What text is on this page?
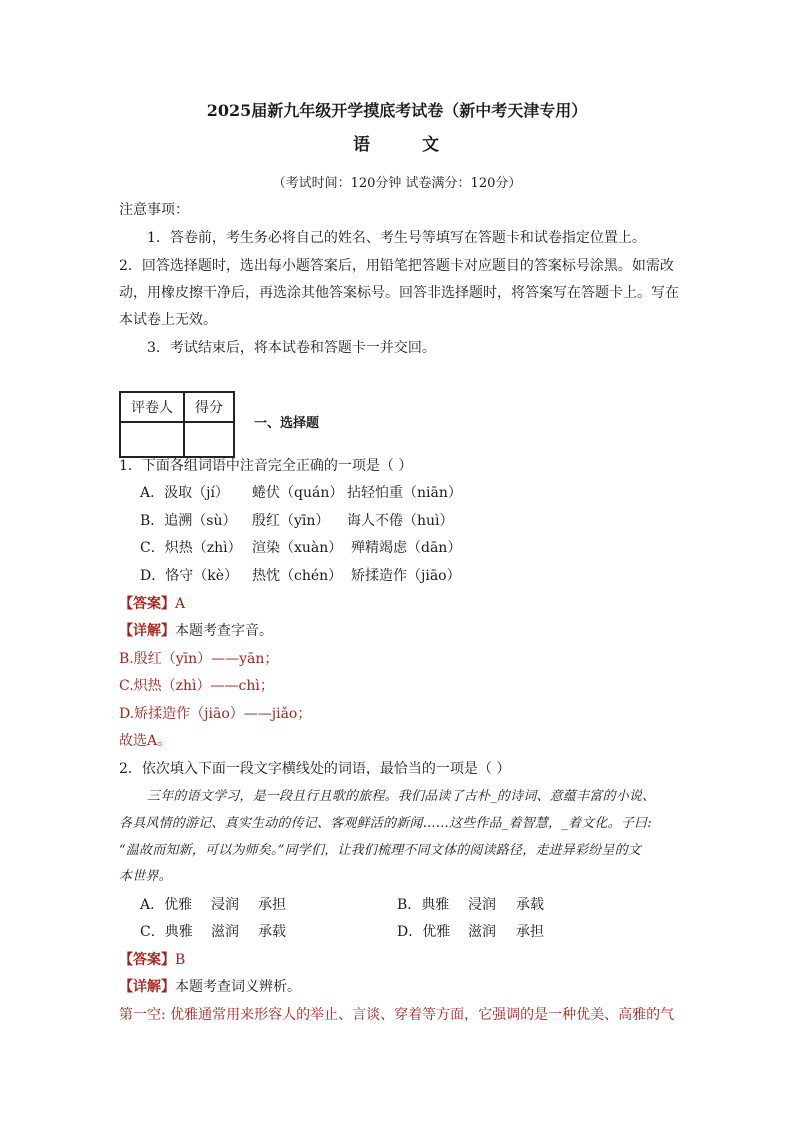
2025届新九年级开学摸底考试卷（新中考天津专用）
语	文
（考试时间：120分钟 试卷满分：120分）
注意事项：
1．答卷前，考生务必将自己的姓名、考生号等填写在答题卡和试卷指定位置上。
2．回答选择题时，选出每小题答案后，用铅笔把答题卡对应题目的答案标号涂黑。如需改
动，用橡皮擦干净后，再选涂其他答案标号。回答非选择题时，将答案写在答题卡上。写在
本试卷上无效。
3．考试结束后，将本试卷和答题卡一并交回。
评卷人	得分

一、选择题
1．下面各组词语中注音完全正确的一项是（ ）
A．汲取（jí） 蜷伏（quán） 拈轻怕重（niān）
B．追溯（sù） 殷红（yīn） 诲人不倦（huì）
C．炽热（zhì） 渲染（xuàn） 殚精竭虑（dān）
D．恪守（kè） 热忱（chén） 矫揉造作（jiāo）
【答案】A
【详解】本题考查字音。
B.殷红（yīn）——yān；
C.炽热（zhì）——chì；
D.矫揉造作（jiāo）——jiǎo；
故选A。
2．依次填入下面一段文字横线处的词语，最恰当的一项是（ ）
三年的语文学习，是一段且行且歌的旅程。我们品读了古朴_的诗词、意蕴丰富的小说、
各具风情的游记、真实生动的传记、客观鲜活的新闻……这些作品_着智慧，_着文化。子曰:
“温故而知新，可以为师矣。”同学们，让我们梳理不同文体的阅读路径，走进异彩纷呈的文
本世界。
A．优雅 浸润 承担	B．典雅 浸润 承载
C．典雅 滋润 承载	D．优雅 滋润 承担
【答案】B
【详解】本题考查词义辨析。
第一空: 优雅通常用来形容人的举止、言谈、穿着等方面，它强调的是一种优美、高雅的气
